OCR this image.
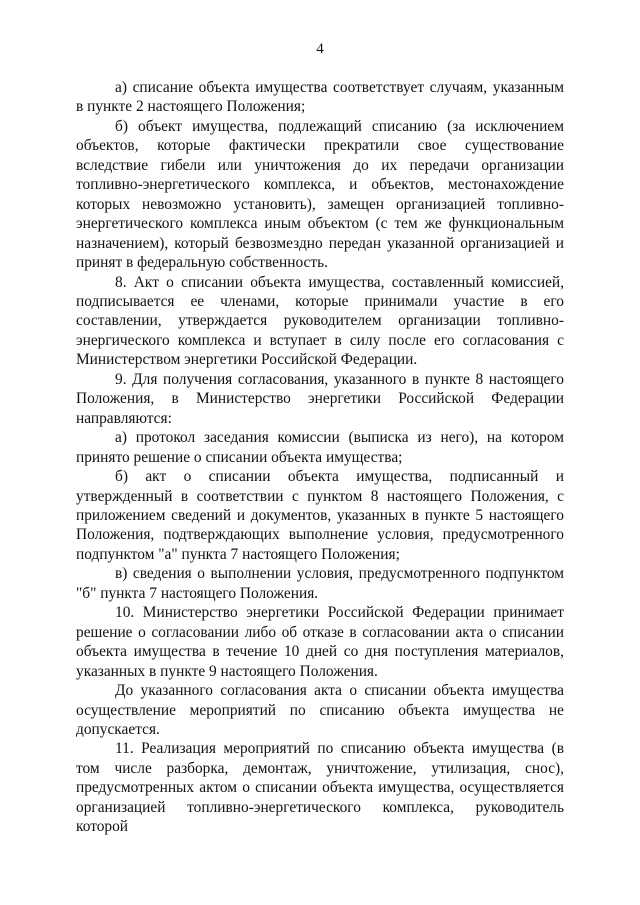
4

а) списание объекта имущества соответствует случаям, указанным в пункте 2 настоящего Положения;

б) объект имущества, подлежащий списанию (за исключением объектов, которые фактически прекратили свое существование вследствие гибели или уничтожения до их передачи организации топливно-энергетического комплекса, и объектов, местонахождение которых невозможно установить), замещен организацией топливно-энергетического комплекса иным объектом (с тем же функциональным назначением), который безвозмездно передан указанной организацией и принят в федеральную собственность.

8. Акт о списании объекта имущества, составленный комиссией, подписывается ее членами, которые принимали участие в его составлении, утверждается руководителем организации топливно-энергического комплекса и вступает в силу после его согласования с Министерством энергетики Российской Федерации.

9. Для получения согласования, указанного в пункте 8 настоящего Положения, в Министерство энергетики Российской Федерации направляются:

а) протокол заседания комиссии (выписка из него), на котором принято решение о списании объекта имущества;

б) акт о списании объекта имущества, подписанный и утвержденный в соответствии с пунктом 8 настоящего Положения, с приложением сведений и документов, указанных в пункте 5 настоящего Положения, подтверждающих выполнение условия, предусмотренного подпунктом "а" пункта 7 настоящего Положения;

в) сведения о выполнении условия, предусмотренного подпунктом "б" пункта 7 настоящего Положения.

10. Министерство энергетики Российской Федерации принимает решение о согласовании либо об отказе в согласовании акта о списании объекта имущества в течение 10 дней со дня поступления материалов, указанных в пункте 9 настоящего Положения.

До указанного согласования акта о списании объекта имущества осуществление мероприятий по списанию объекта имущества не допускается.

11. Реализация мероприятий по списанию объекта имущества (в том числе разборка, демонтаж, уничтожение, утилизация, снос), предусмотренных актом о списании объекта имущества, осуществляется организацией топливно-энергетического комплекса, руководитель которой
